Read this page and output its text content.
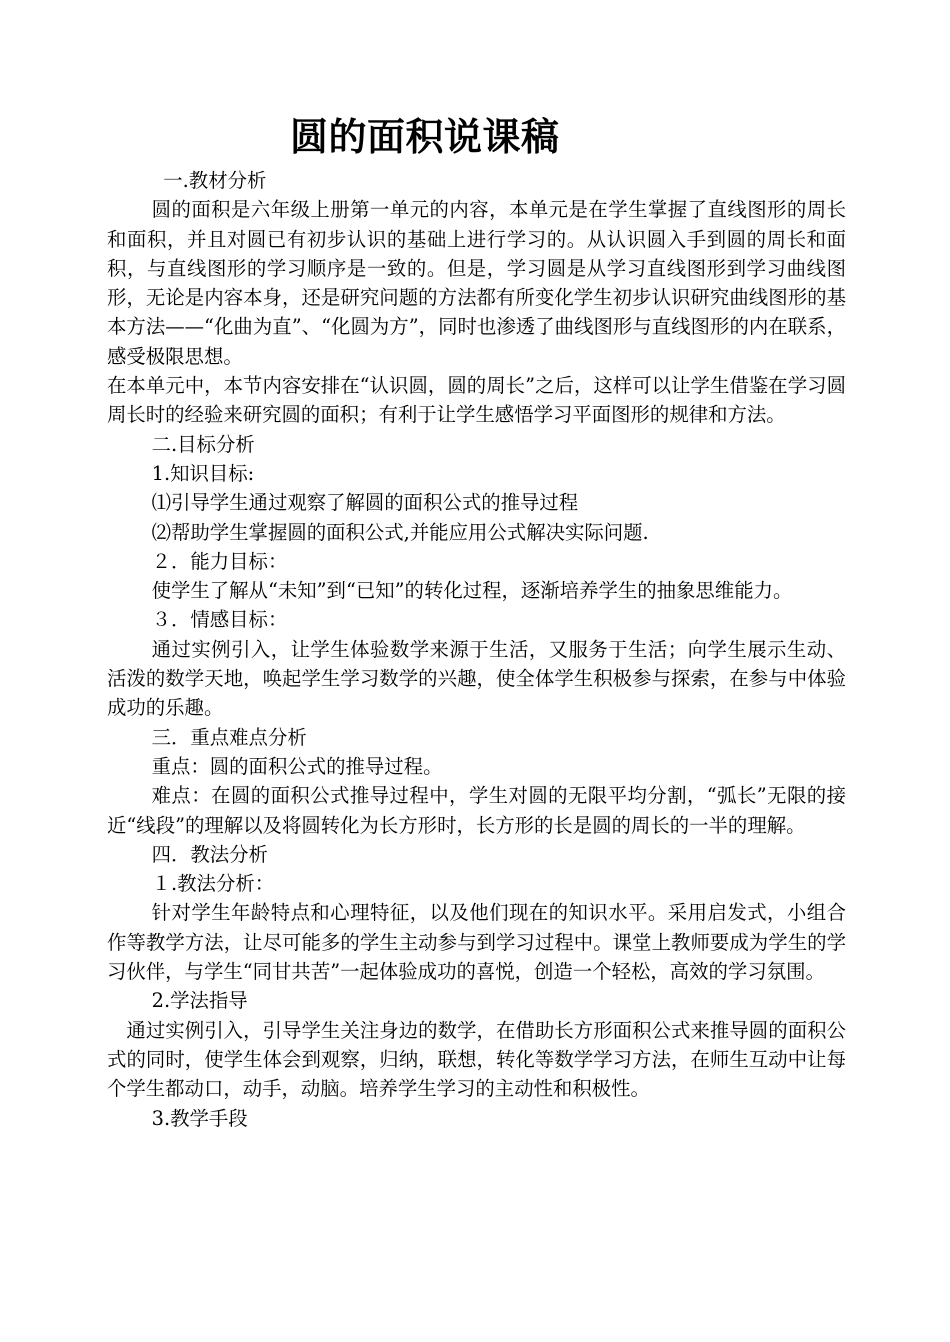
圆的面积说课稿

一.教材分析

圆的面积是六年级上册第一单元的内容，本单元是在学生掌握了直线图形的周长和面积，并且对圆已有初步认识的基础上进行学习的。从认识圆入手到圆的周长和面积，与直线图形的学习顺序是一致的。但是，学习圆是从学习直线图形到学习曲线图形，无论是内容本身，还是研究问题的方法都有所变化学生初步认识研究曲线图形的基本方法——“化曲为直”、“化圆为方”，同时也渗透了曲线图形与直线图形的内在联系，感受极限思想。

在本单元中，本节内容安排在“认识圆，圆的周长”之后，这样可以让学生借鉴在学习圆周长时的经验来研究圆的面积；有利于让学生感悟学习平面图形的规律和方法。

二.目标分析

1.知识目标:

⑴引导学生通过观察了解圆的面积公式的推导过程

⑵帮助学生掌握圆的面积公式,并能应用公式解决实际问题.

２．能力目标：

使学生了解从“未知”到“已知”的转化过程，逐渐培养学生的抽象思维能力。

３．情感目标：

通过实例引入，让学生体验数学来源于生活，又服务于生活；向学生展示生动、活泼的数学天地，唤起学生学习数学的兴趣，使全体学生积极参与探索，在参与中体验成功的乐趣。

三．重点难点分析

重点：圆的面积公式的推导过程。

难点：在圆的面积公式推导过程中，学生对圆的无限平均分割，“弧长”无限的接近“线段”的理解以及将圆转化为长方形时，长方形的长是圆的周长的一半的理解。

四．教法分析

１.教法分析：

针对学生年龄特点和心理特征，以及他们现在的知识水平。采用启发式，小组合作等教学方法，让尽可能多的学生主动参与到学习过程中。课堂上教师要成为学生的学习伙伴，与学生“同甘共苦”一起体验成功的喜悦，创造一个轻松，高效的学习氛围。

2.学法指导

通过实例引入，引导学生关注身边的数学，在借助长方形面积公式来推导圆的面积公式的同时，使学生体会到观察，归纳，联想，转化等数学学习方法，在师生互动中让每个学生都动口，动手，动脑。培养学生学习的主动性和积极性。

3.教学手段
